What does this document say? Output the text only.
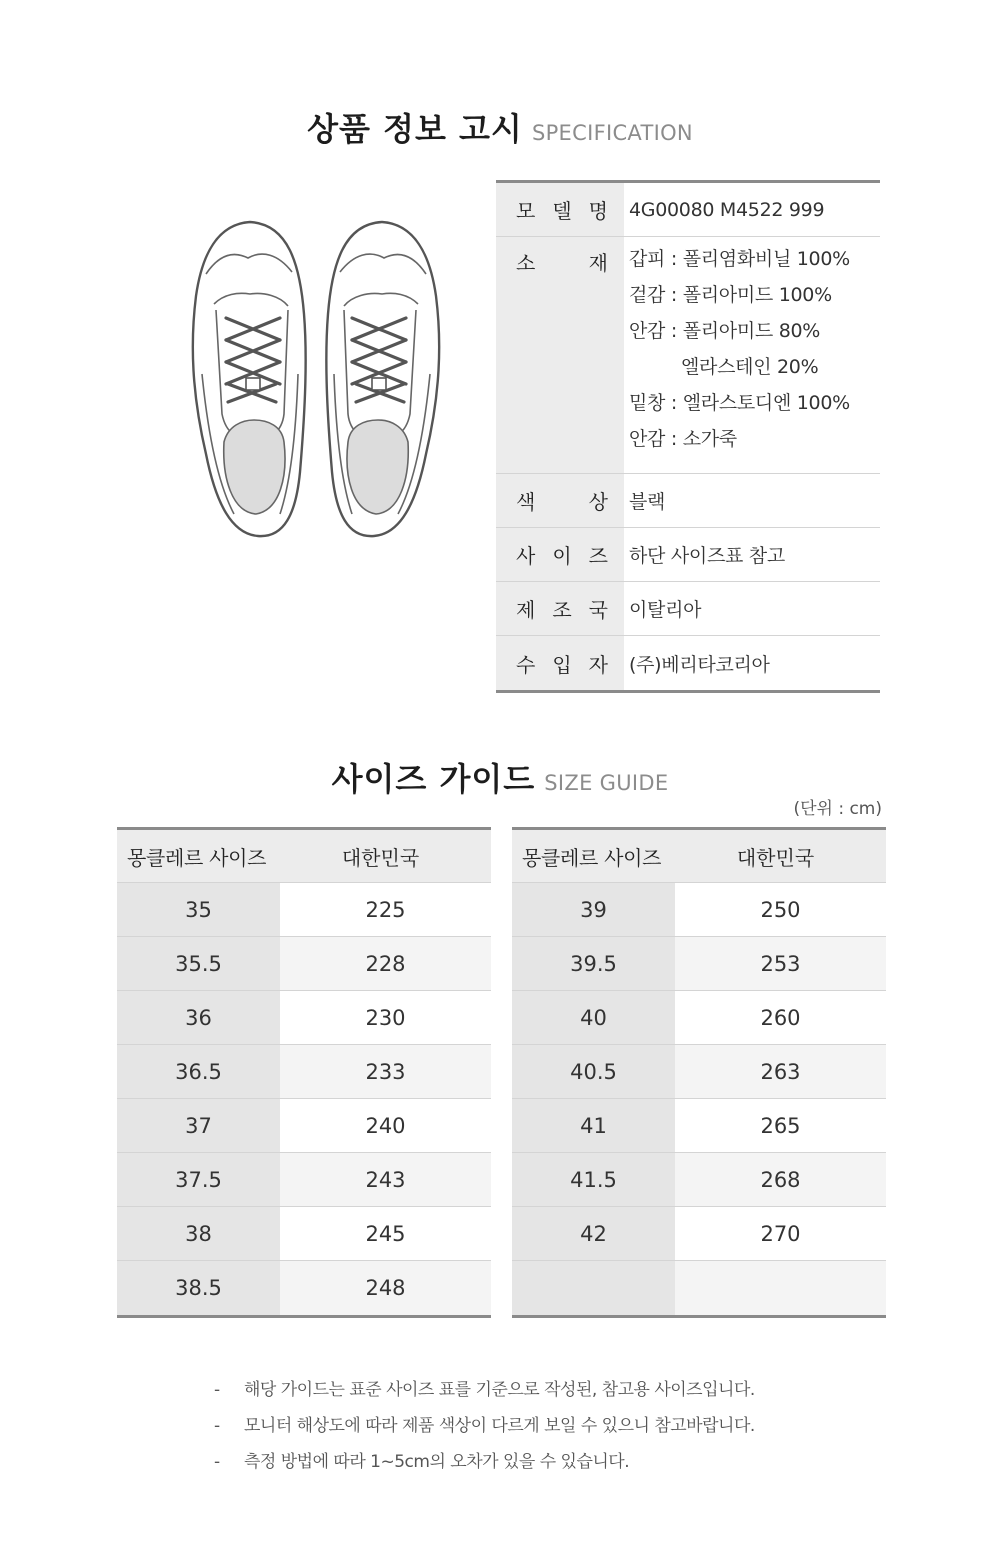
상품 정보 고시 SPECIFICATION
모 델 명 4G00080 M4522 999
소	재 갑피 : 폴리염화비닐 100%
겉감 : 폴리아미드 100%
안감 : 폴리아미드 80%
엘라스테인 20%
밑창 : 엘라스토디엔 100%
안감 : 소가죽
색	상 블랙
사 이 즈 하단 사이즈표 참고
제 조 국 이탈리아
수 입 자 (주)베리타코리아
사이즈 가이드 SIZE GUIDE
(단위 : cm)
몽클레르 사이즈	대한민국
35	225
35.5	228
36	230
36.5	233
37	240
37.5	243
38	245
38.5	248
몽클레르 사이즈	대한민국
39	250
39.5	253
40	260
40.5	263
41	265
41.5	268
42	270
-	해당 가이드는 표준 사이즈 표를 기준으로 작성된, 참고용 사이즈입니다.
-	모니터 해상도에 따라 제품 색상이 다르게 보일 수 있으니 참고바랍니다.
-	측정 방법에 따라 1~5cm의 오차가 있을 수 있습니다.
